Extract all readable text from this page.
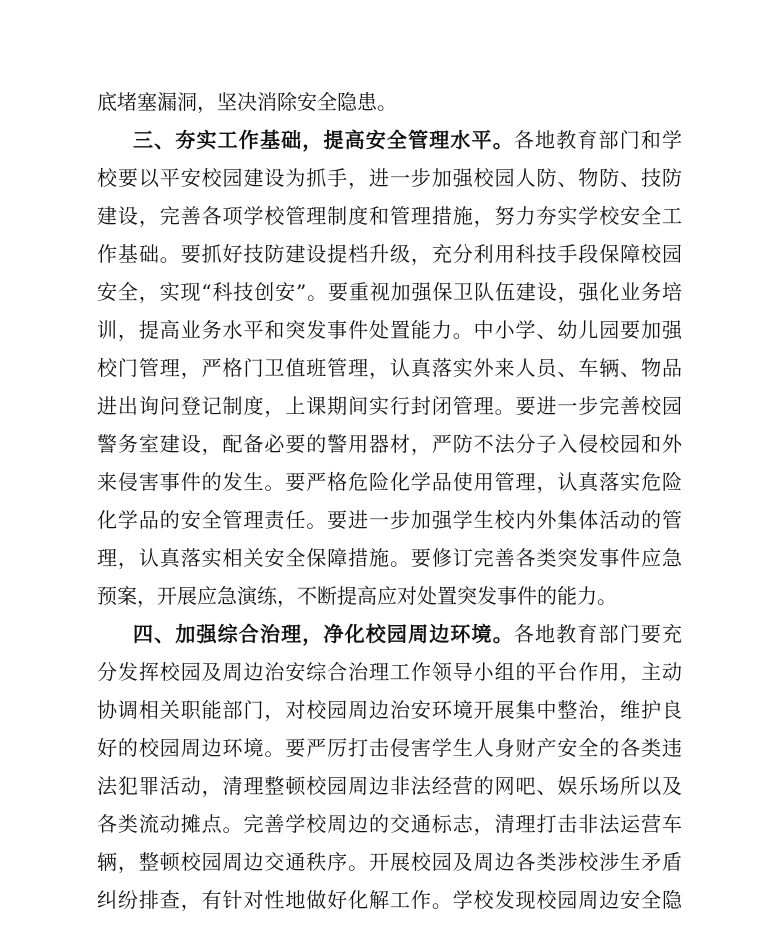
底堵塞漏洞，坚决消除安全隐患。
三、夯实工作基础，提高安全管理水平。各地教育部门和学
校要以平安校园建设为抓手，进一步加强校园人防、物防、技防
建设，完善各项学校管理制度和管理措施，努力夯实学校安全工
作基础。要抓好技防建设提档升级，充分利用科技手段保障校园
安全，实现“科技创安”。要重视加强保卫队伍建设，强化业务培
训，提高业务水平和突发事件处置能力。中小学、幼儿园要加强
校门管理，严格门卫值班管理，认真落实外来人员、车辆、物品
进出询问登记制度，上课期间实行封闭管理。要进一步完善校园
警务室建设，配备必要的警用器材，严防不法分子入侵校园和外
来侵害事件的发生。要严格危险化学品使用管理，认真落实危险
化学品的安全管理责任。要进一步加强学生校内外集体活动的管
理，认真落实相关安全保障措施。要修订完善各类突发事件应急
预案，开展应急演练，不断提高应对处置突发事件的能力。
四、加强综合治理，净化校园周边环境。各地教育部门要充
分发挥校园及周边治安综合治理工作领导小组的平台作用，主动
协调相关职能部门，对校园周边治安环境开展集中整治，维护良
好的校园周边环境。要严厉打击侵害学生人身财产安全的各类违
法犯罪活动，清理整顿校园周边非法经营的网吧、娱乐场所以及
各类流动摊点。完善学校周边的交通标志，清理打击非法运营车
辆，整顿校园周边交通秩序。开展校园及周边各类涉校涉生矛盾
纠纷排查，有针对性地做好化解工作。学校发现校园周边安全隐
